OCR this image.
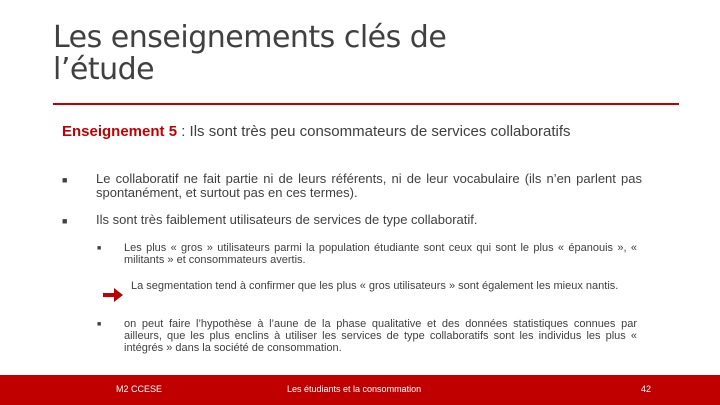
Les enseignements clés de
l’étude
Enseignement 5 : Ils sont très peu consommateurs de services collaboratifs
■ Le collaboratif ne fait partie ni de leurs référents, ni de leur vocabulaire (ils n’en parlent pas spontanément, et surtout pas en ces termes).
■ Ils sont très faiblement utilisateurs de services de type collaboratif.
■ Les plus « gros » utilisateurs parmi la population étudiante sont ceux qui sont le plus « épanouis », « militants » et consommateurs avertis.
La segmentation tend à confirmer que les plus « gros utilisateurs » sont également les mieux nantis.
■ on peut faire l’hypothèse à l’aune de la phase qualitative et des données statistiques connues par ailleurs, que les plus enclins à utiliser les services de type collaboratifs sont les individus les plus « intégrés » dans la société de consommation.
M2 CCESE	Les étudiants et la consommation	42
